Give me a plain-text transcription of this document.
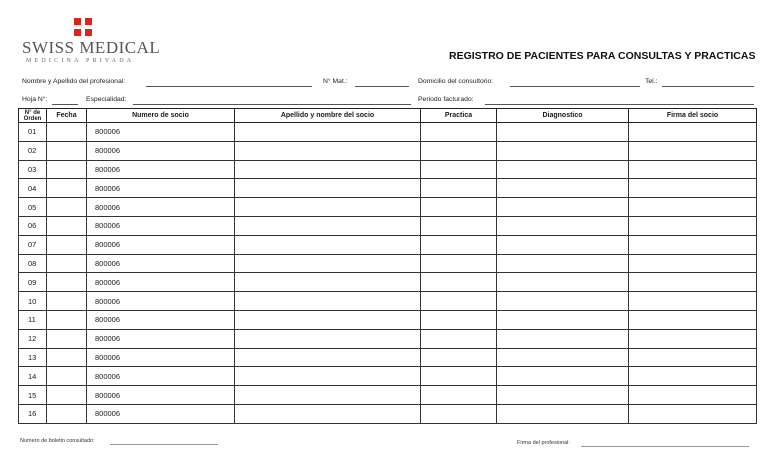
SWISS MEDICAL
MEDICINA PRIVADA	REGISTRO DE PACIENTES PARA CONSULTAS Y PRACTICAS
Nombre y Apellido del profesional:	N° Mat.:	Domicilio del consultorio:	Tel.:
Hoja N°:	Especialidad:	Periodo facturado:
N° de Orden	Fecha	Numero de socio	Apellido y nombre del socio	Practica	Diagnostico	Firma del socio
01		800006				
02		800006				
03		800006				
04		800006				
05		800006				
06		800006				
07		800006				
08		800006				
09		800006				
10		800006				
11		800006				
12		800006				
13		800006				
14		800006				
15		800006				
16		800006				
Numero de boletin consultado:	Firma del profesional:
